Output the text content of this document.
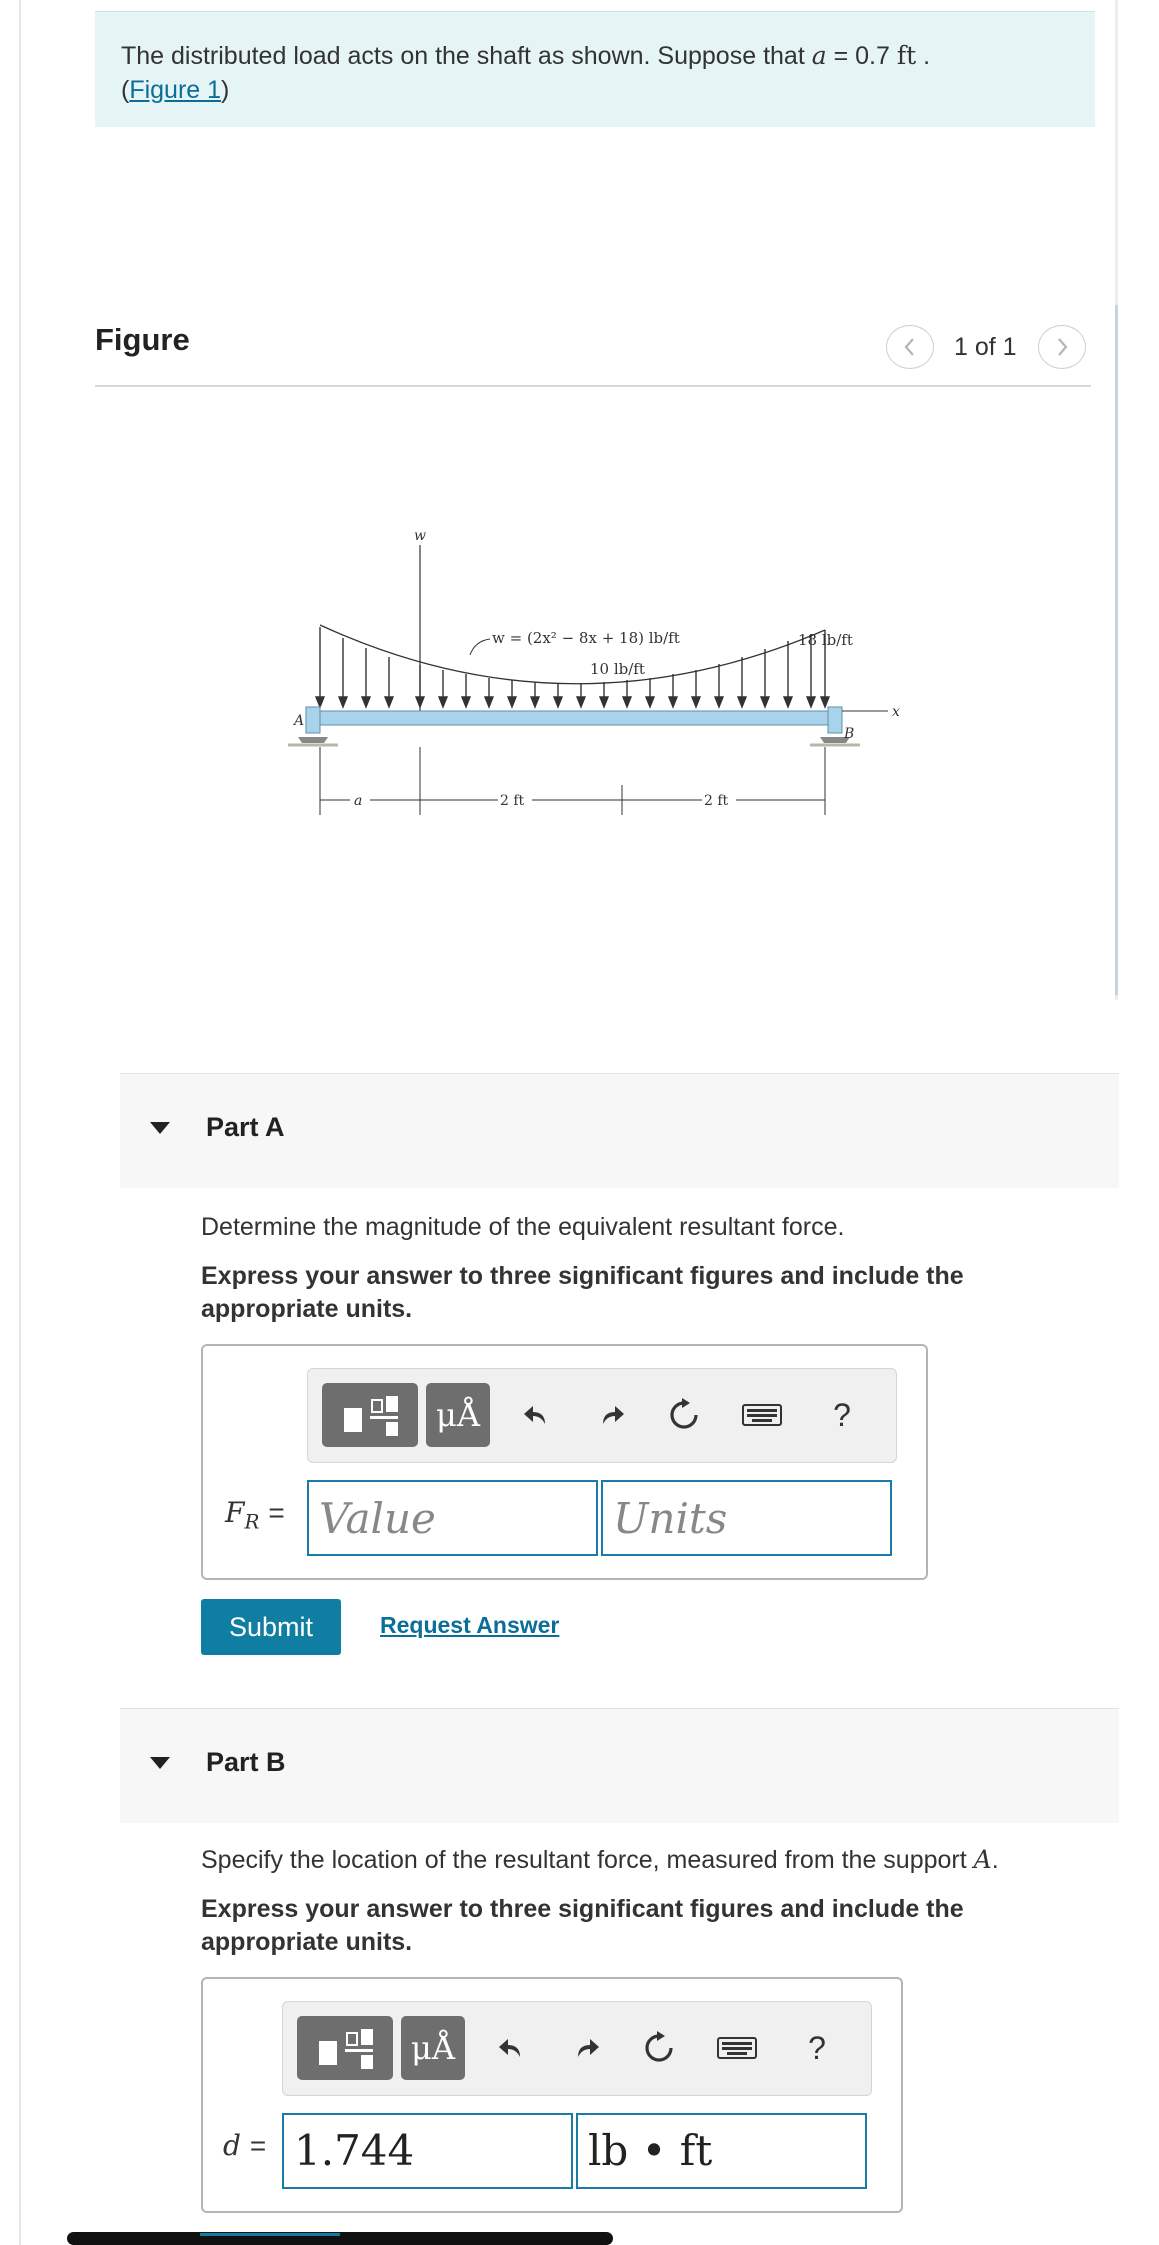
The distributed load acts on the shaft as shown. Suppose that a = 0.7 ft .
(Figure 1)
Figure	1 of 1
w
w = (2x² − 8x + 18) lb/ft
10 lb/ft
18 lb/ft
A
B
x
a	2 ft	2 ft
Part A
Determine the magnitude of the equivalent resultant force.
Express your answer to three significant figures and include the appropriate units.
μÅ	?
$F_R$ =
Value
Units
Submit	Request Answer
Part B
Specify the location of the resultant force, measured from the support A.
Express your answer to three significant figures and include the appropriate units.
μÅ	?
d = 1.744	lb • ft
